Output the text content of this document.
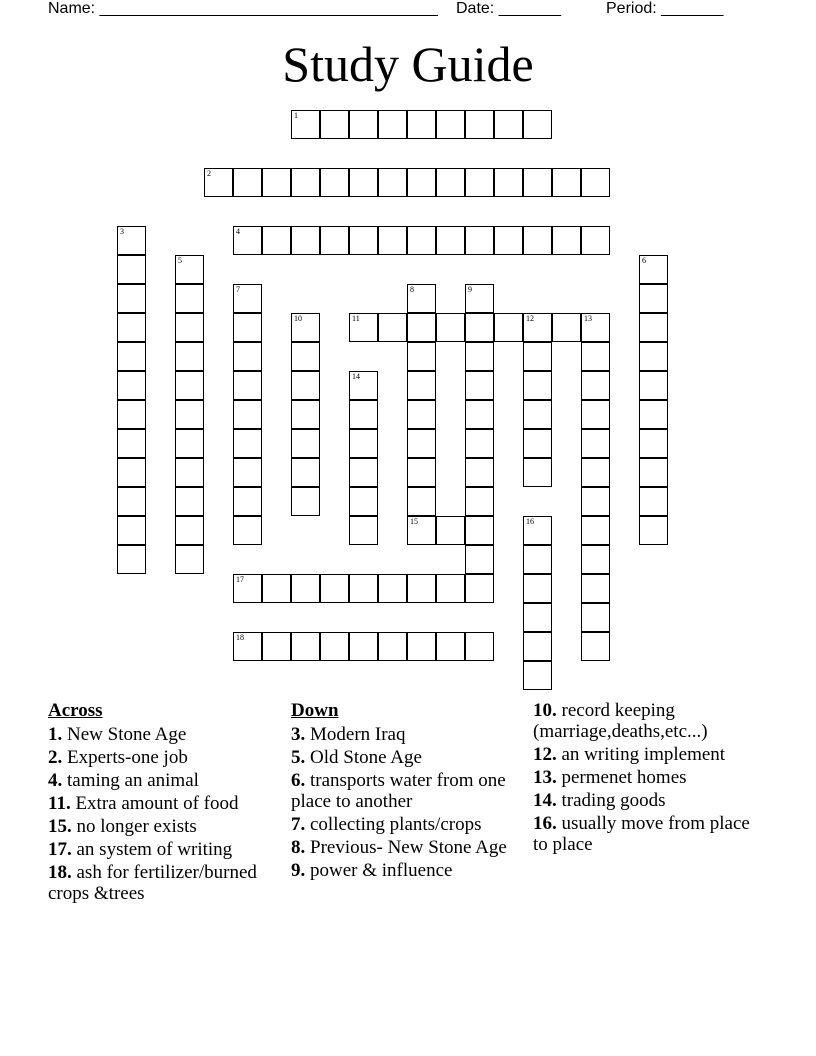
Name: ______________________________________ Date: _______	Period: _______
Study Guide
1
2
3	4
5	6
7	8
15
9
10	11	12	13
14
16
17
18
Across
1. New Stone Age
2. Experts-one job
4. taming an animal
11. Extra amount of food
15. no longer exists
17. an system of writing
18. ash for fertilizer/burned crops &trees
Down
3. Modern Iraq
5. Old Stone Age
6. transports water from one place to another
7. collecting plants/crops
8. Previous- New Stone Age
9. power & influence
10. record keeping (marriage,deaths,etc...)
12. an writing implement
13. permenet homes
14. trading goods
16. usually move from place to place
